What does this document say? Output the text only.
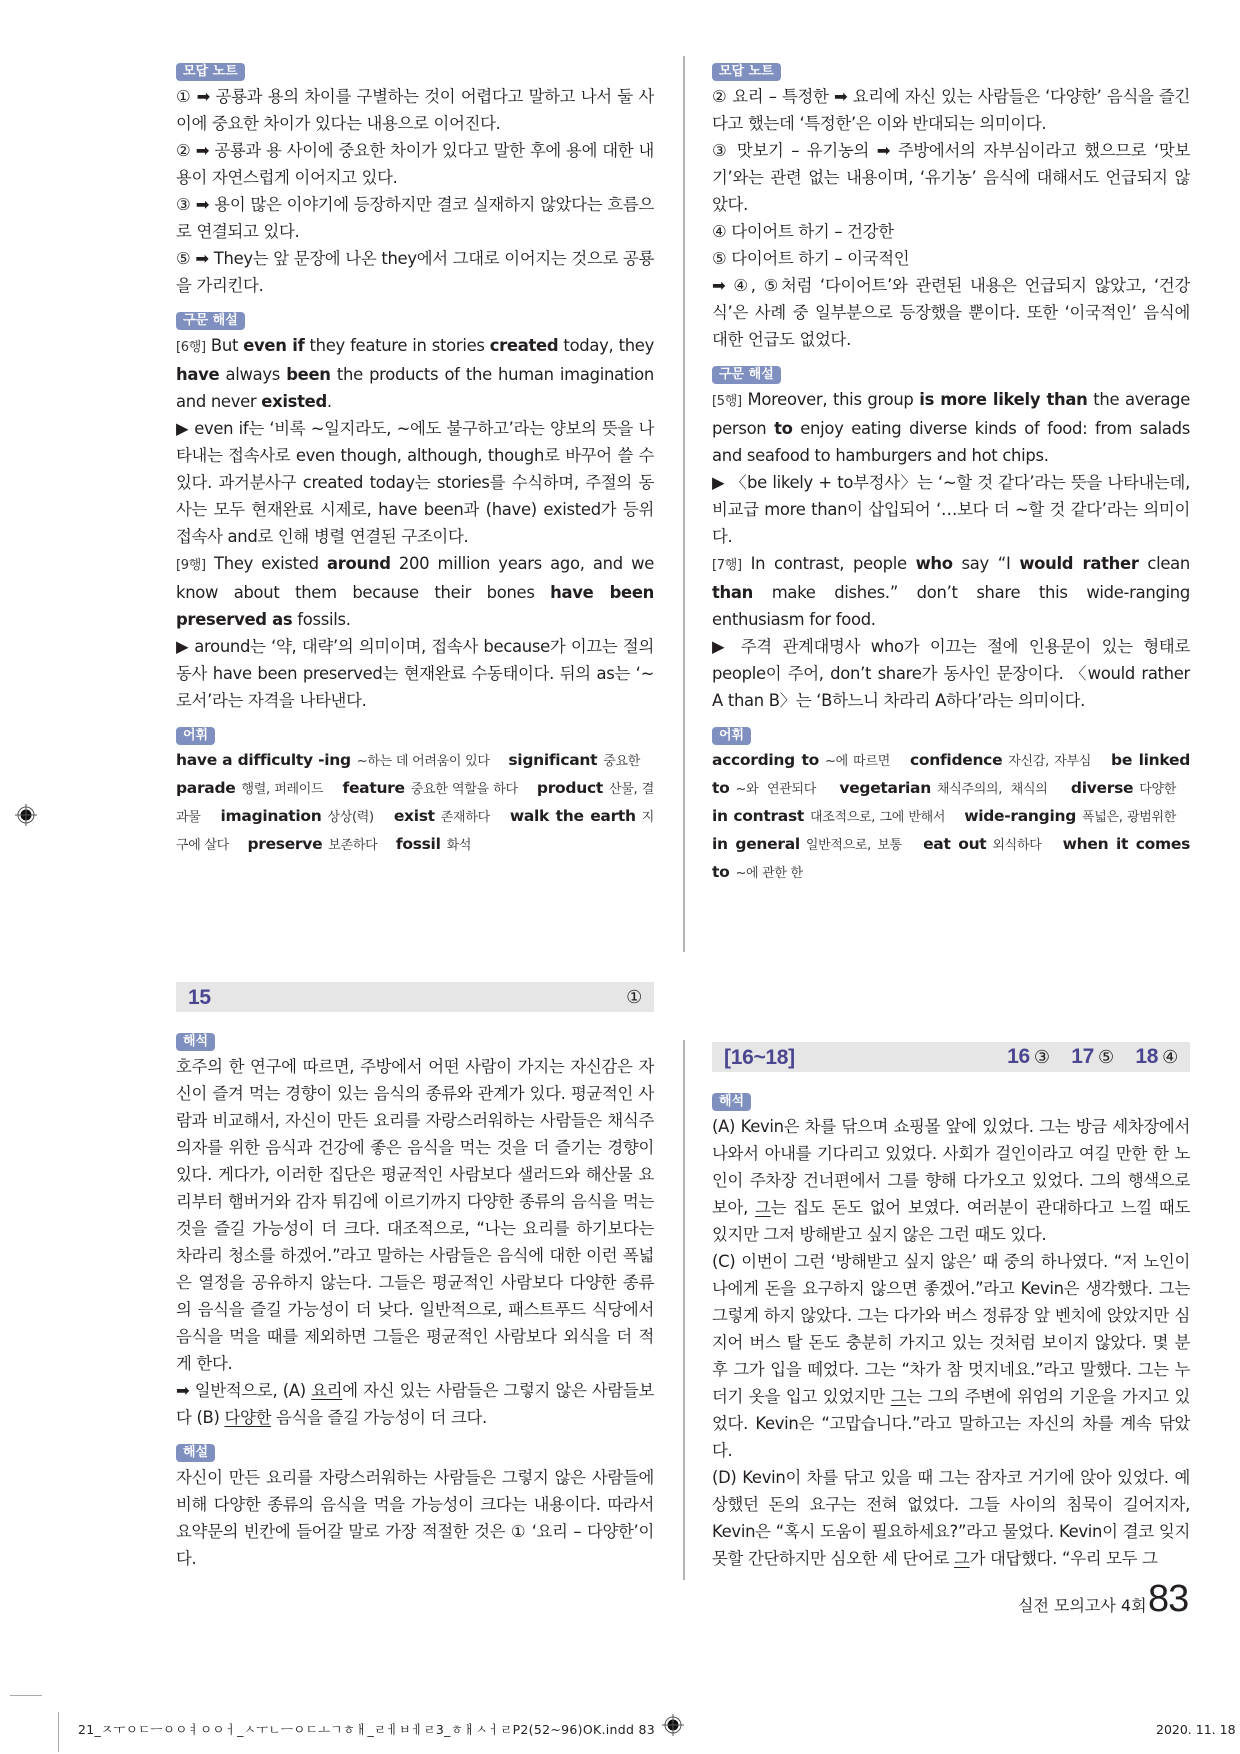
모답 노트

① ➡ 공룡과 용의 차이를 구별하는 것이 어렵다고 말하고 나서 둘 사이에 중요한 차이가 있다는 내용으로 이어진다.

② ➡ 공룡과 용 사이에 중요한 차이가 있다고 말한 후에 용에 대한 내용이 자연스럽게 이어지고 있다.

③ ➡ 용이 많은 이야기에 등장하지만 결코 실재하지 않았다는 흐름으로 연결되고 있다.

⑤ ➡ They는 앞 문장에 나온 they에서 그대로 이어지는 것으로 공룡을 가리킨다.

구문 해설

[6행] But even if they feature in stories created today, they have always been the products of the human imagination and never existed.

▶ even if는 ‘비록 ~일지라도, ~에도 불구하고’라는 양보의 뜻을 나타내는 접속사로 even though, although, though로 바꾸어 쓸 수 있다. 과거분사구 created today는 stories를 수식하며, 주절의 동사는 모두 현재완료 시제로, have been과 (have) existed가 등위 접속사 and로 인해 병렬 연결된 구조이다.

[9행] They existed around 200 million years ago, and we know about them because their bones have been preserved as fossils.

▶ around는 ‘약, 대략’의 의미이며, 접속사 because가 이끄는 절의 동사 have been preserved는 현재완료 수동태이다. 뒤의 as는 ‘~로서’라는 자격을 나타낸다.

어휘

have a difficulty -ing ~하는 데 어려움이 있다 significant 중요한 parade 행렬, 퍼레이드 feature 중요한 역할을 하다 product 산물, 결과물 imagination 상상(력) exist 존재하다 walk the earth 지구에 살다 preserve 보존하다 fossil 화석

모답 노트

② 요리 – 특정한 ➡ 요리에 자신 있는 사람들은 ‘다양한’ 음식을 즐긴다고 했는데 ‘특정한’은 이와 반대되는 의미이다.

③ 맛보기 – 유기농의 ➡ 주방에서의 자부심이라고 했으므로 ‘맛보기’와는 관련 없는 내용이며, ‘유기농’ 음식에 대해서도 언급되지 않았다.

④ 다이어트 하기 – 건강한

⑤ 다이어트 하기 – 이국적인

➡ ④, ⑤처럼 ‘다이어트’와 관련된 내용은 언급되지 않았고, ‘건강식’은 사례 중 일부분으로 등장했을 뿐이다. 또한 ‘이국적인’ 음식에 대한 언급도 없었다.

구문 해설

[5행] Moreover, this group is more likely than the average person to enjoy eating diverse kinds of food: from salads and seafood to hamburgers and hot chips.

▶ 〈be likely + to부정사〉는 ‘~할 것 같다’라는 뜻을 나타내는데, 비교급 more than이 삽입되어 ‘…보다 더 ~할 것 같다’라는 의미이다.

[7행] In contrast, people who say “I would rather clean than make dishes.” don’t share this wide-ranging enthusiasm for food.

▶ 주격 관계대명사 who가 이끄는 절에 인용문이 있는 형태로 people이 주어, don’t share가 동사인 문장이다. 〈would rather A than B〉는 ‘B하느니 차라리 A하다’라는 의미이다.

어휘

according to ~에 따르면 confidence 자신감, 자부심 be linked to ~와 연관되다 vegetarian 채식주의의, 채식의 diverse 다양한 in contrast 대조적으로, 그에 반해서 wide-ranging 폭넓은, 광범위한 in general 일반적으로, 보통 eat out 외식하다 when it comes to ~에 관한 한

15	①
해석

호주의 한 연구에 따르면, 주방에서 어떤 사람이 가지는 자신감은 자신이 즐겨 먹는 경향이 있는 음식의 종류와 관계가 있다. 평균적인 사람과 비교해서, 자신이 만든 요리를 자랑스러워하는 사람들은 채식주의자를 위한 음식과 건강에 좋은 음식을 먹는 것을 더 즐기는 경향이 있다. 게다가, 이러한 집단은 평균적인 사람보다 샐러드와 해산물 요리부터 햄버거와 감자 튀김에 이르기까지 다양한 종류의 음식을 먹는 것을 즐길 가능성이 더 크다. 대조적으로, “나는 요리를 하기보다는 차라리 청소를 하겠어.”라고 말하는 사람들은 음식에 대한 이런 폭넓은 열정을 공유하지 않는다. 그들은 평균적인 사람보다 다양한 종류의 음식을 즐길 가능성이 더 낮다. 일반적으로, 패스트푸드 식당에서 음식을 먹을 때를 제외하면 그들은 평균적인 사람보다 외식을 더 적게 한다.

➡ 일반적으로, (A) 요리에 자신 있는 사람들은 그렇지 않은 사람들보다 (B) 다양한 음식을 즐길 가능성이 더 크다.

해설

자신이 만든 요리를 자랑스러워하는 사람들은 그렇지 않은 사람들에 비해 다양한 종류의 음식을 먹을 가능성이 크다는 내용이다. 따라서 요약문의 빈칸에 들어갈 말로 가장 적절한 것은 ① ‘요리 – 다양한’이다.

[16~18]	16 ③ 17 ⑤ 18 ④
해석

(A) Kevin은 차를 닦으며 쇼핑몰 앞에 있었다. 그는 방금 세차장에서 나와서 아내를 기다리고 있었다. 사회가 걸인이라고 여길 만한 한 노인이 주차장 건너편에서 그를 향해 다가오고 있었다. 그의 행색으로 보아, 그는 집도 돈도 없어 보였다. 여러분이 관대하다고 느낄 때도 있지만 그저 방해받고 싶지 않은 그런 때도 있다.

(C) 이번이 그런 ‘방해받고 싶지 않은’ 때 중의 하나였다. “저 노인이 나에게 돈을 요구하지 않으면 좋겠어.”라고 Kevin은 생각했다. 그는 그렇게 하지 않았다. 그는 다가와 버스 정류장 앞 벤치에 앉았지만 심지어 버스 탈 돈도 충분히 가지고 있는 것처럼 보이지 않았다. 몇 분 후 그가 입을 떼었다. 그는 “차가 참 멋지네요.”라고 말했다. 그는 누더기 옷을 입고 있었지만 그는 그의 주변에 위엄의 기운을 가지고 있었다. Kevin은 “고맙습니다.”라고 말하고는 자신의 차를 계속 닦았다.

(D) Kevin이 차를 닦고 있을 때 그는 잠자코 거기에 앉아 있었다. 예상했던 돈의 요구는 전혀 없었다. 그들 사이의 침묵이 길어지자, Kevin은 “혹시 도움이 필요하세요?”라고 물었다. Kevin이 결코 잊지 못할 간단하지만 심오한 세 단어로 그가 대답했다. “우리 모두 그

실전 모의고사 4회 83
21_ㅈㅜㅇㄷㅡㅇㅇㅕㅇㅇㅓ_ㅅㅜㄴㅡㅇㄷㅗㄱㅎㅐ_ㄹㅔㅂㅔㄹ3_ㅎㅐㅅㅓㄹP2(52~96)OK.indd 83	2020. 11. 18
